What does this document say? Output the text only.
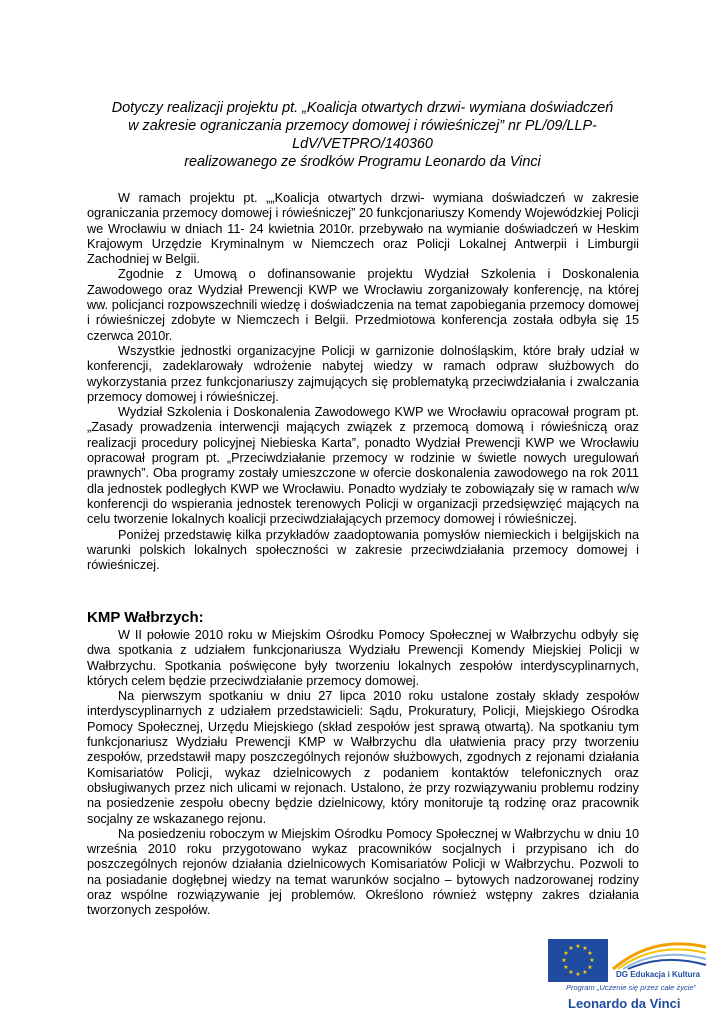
Dotyczy realizacji projektu pt. „Koalicja otwartych drzwi- wymiana doświadczeń
w zakresie ograniczania przemocy domowej i rówieśniczej” nr PL/09/LLP-
LdV/VETPRO/140360
realizowanego ze środków Programu Leonardo da Vinci

W ramach projektu pt. „„Koalicja otwartych drzwi- wymiana doświadczeń w zakresie ograniczania przemocy domowej i rówieśniczej” 20 funkcjonariuszy Komendy Wojewódzkiej Policji we Wrocławiu w dniach 11- 24 kwietnia 2010r. przebywało na wymianie doświadczeń w Heskim Krajowym Urzędzie Kryminalnym w Niemczech oraz Policji Lokalnej Antwerpii i Limburgii Zachodniej w Belgii.

Zgodnie z Umową o dofinansowanie projektu Wydział Szkolenia i Doskonalenia Zawodowego oraz Wydział Prewencji KWP we Wrocławiu zorganizowały konferencję, na której ww. policjanci rozpowszechnili wiedzę i doświadczenia na temat zapobiegania przemocy domowej i rówieśniczej zdobyte w Niemczech i Belgii. Przedmiotowa konferencja została odbyła się 15 czerwca 2010r.

Wszystkie jednostki organizacyjne Policji w garnizonie dolnośląskim, które brały udział w konferencji, zadeklarowały wdrożenie nabytej wiedzy w ramach odpraw służbowych do wykorzystania przez funkcjonariuszy zajmujących się problematyką przeciwdziałania i zwalczania przemocy domowej i rówieśniczej.

Wydział Szkolenia i Doskonalenia Zawodowego KWP we Wrocławiu opracował program pt. „Zasady prowadzenia interwencji mających związek z przemocą domową i rówieśniczą oraz realizacji procedury policyjnej Niebieska Karta”, ponadto Wydział Prewencji KWP we Wrocławiu opracował program pt. „Przeciwdziałanie przemocy w rodzinie w świetle nowych uregulowań prawnych”. Oba programy zostały umieszczone w ofercie doskonalenia zawodowego na rok 2011 dla jednostek podległych KWP we Wrocławiu. Ponadto wydziały te zobowiązały się w ramach w/w konferencji do wspierania jednostek terenowych Policji w organizacji przedsięwzięć mających na celu tworzenie lokalnych koalicji przeciwdziałających przemocy domowej i rówieśniczej.

Poniżej przedstawię kilka przykładów zaadoptowania pomysłów niemieckich i belgijskich na warunki polskich lokalnych społeczności w zakresie przeciwdziałania przemocy domowej i rówieśniczej.

KMP Wałbrzych:

W II połowie 2010 roku w Miejskim Ośrodku Pomocy Społecznej w Wałbrzychu odbyły się dwa spotkania z udziałem funkcjonariusza Wydziału Prewencji Komendy Miejskiej Policji w Wałbrzychu. Spotkania poświęcone były tworzeniu lokalnych zespołów interdyscyplinarnych, których celem będzie przeciwdziałanie przemocy domowej.

Na pierwszym spotkaniu w dniu 27 lipca 2010 roku ustalone zostały składy zespołów interdyscyplinarnych z udziałem przedstawicieli: Sądu, Prokuratury, Policji, Miejskiego Ośrodka Pomocy Społecznej, Urzędu Miejskiego (skład zespołów jest sprawą otwartą). Na spotkaniu tym funkcjonariusz Wydziału Prewencji KMP w Wałbrzychu dla ułatwienia pracy przy tworzeniu zespołów, przedstawił mapy poszczególnych rejonów służbowych, zgodnych z rejonami działania Komisariatów Policji, wykaz dzielnicowych z podaniem kontaktów telefonicznych oraz obsługiwanych przez nich ulicami w rejonach. Ustalono, że przy rozwiązywaniu problemu rodziny na posiedzenie zespołu obecny będzie dzielnicowy, który monitoruje tą rodzinę oraz pracownik socjalny ze wskazanego rejonu.

Na posiedzeniu roboczym w Miejskim Ośrodku Pomocy Społecznej w Wałbrzychu w dniu 10 września 2010 roku przygotowano wykaz pracowników socjalnych i przypisano ich do poszczególnych rejonów działania dzielnicowych Komisariatów Policji w Wałbrzychu. Pozwoli to na posiadanie dogłębnej wiedzy na temat warunków socjalno – bytowych nadzorowanej rodziny oraz wspólne rozwiązywanie jej problemów. Określono również wstępny zakres działania tworzonych zespołów.

★ ★
★
★
★
★
★
★
★
★
★
★
DG Edukacja i Kultura
Program „Uczenie się przez całe życie”
Leonardo da Vinci
